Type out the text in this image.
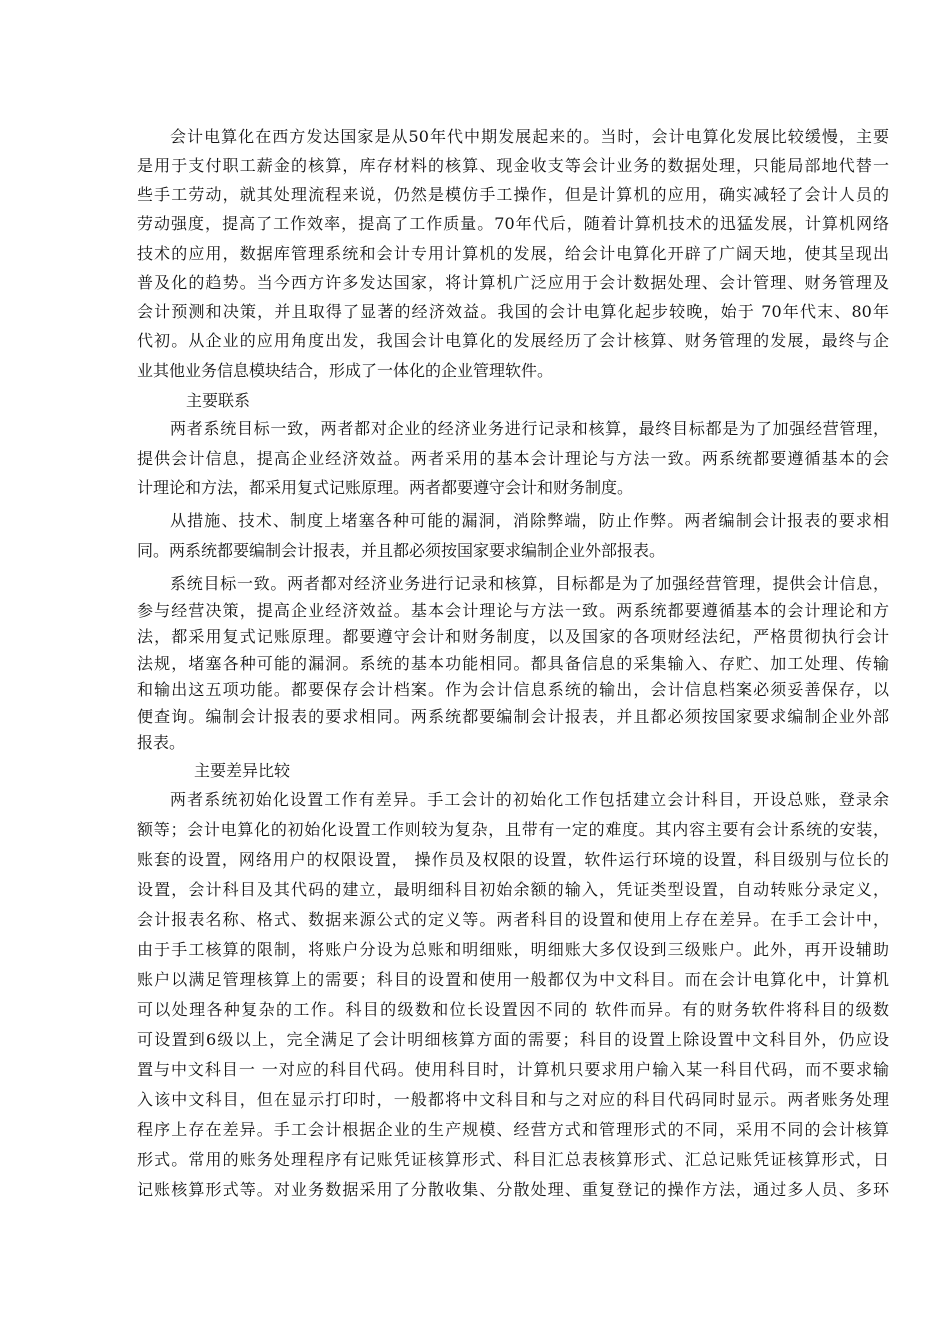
会计电算化在西方发达国家是从50年代中期发展起来的。当时，会计电算化发展比较缓慢，主要
是用于支付职工薪金的核算，库存材料的核算、现金收支等会计业务的数据处理，只能局部地代替一
些手工劳动，就其处理流程来说，仍然是模仿手工操作，但是计算机的应用，确实减轻了会计人员的
劳动强度，提高了工作效率，提高了工作质量。70年代后，随着计算机技术的迅猛发展，计算机网络
技术的应用，数据库管理系统和会计专用计算机的发展，给会计电算化开辟了广阔天地，使其呈现出
普及化的趋势。当今西方许多发达国家，将计算机广泛应用于会计数据处理、会计管理、财务管理及
会计预测和决策，并且取得了显著的经济效益。我国的会计电算化起步较晚，始于 70年代末、80年
代初。从企业的应用角度出发，我国会计电算化的发展经历了会计核算、财务管理的发展，最终与企
业其他业务信息模块结合，形成了一体化的企业管理软件。
主要联系
两者系统目标一致，两者都对企业的经济业务进行记录和核算，最终目标都是为了加强经营管理，
提供会计信息，提高企业经济效益。两者采用的基本会计理论与方法一致。两系统都要遵循基本的会
计理论和方法，都采用复式记账原理。两者都要遵守会计和财务制度。
从措施、技术、制度上堵塞各种可能的漏洞，消除弊端，防止作弊。两者编制会计报表的要求相
同。两系统都要编制会计报表，并且都必须按国家要求编制企业外部报表。
系统目标一致。两者都对经济业务进行记录和核算，目标都是为了加强经营管理，提供会计信息，
参与经营决策，提高企业经济效益。基本会计理论与方法一致。两系统都要遵循基本的会计理论和方
法，都采用复式记账原理。都要遵守会计和财务制度，以及国家的各项财经法纪，严格贯彻执行会计
法规，堵塞各种可能的漏洞。系统的基本功能相同。都具备信息的采集输入、存贮、加工处理、传输
和输出这五项功能。都要保存会计档案。作为会计信息系统的输出，会计信息档案必须妥善保存，以
便查询。编制会计报表的要求相同。两系统都要编制会计报表，并且都必须按国家要求编制企业外部
报表。
主要差异比较
两者系统初始化设置工作有差异。手工会计的初始化工作包括建立会计科目，开设总账，登录余
额等；会计电算化的初始化设置工作则较为复杂，且带有一定的难度。其内容主要有会计系统的安装，
账套的设置，网络用户的权限设置， 操作员及权限的设置，软件运行环境的设置，科目级别与位长的
设置，会计科目及其代码的建立，最明细科目初始余额的输入，凭证类型设置，自动转账分录定义，
会计报表名称、格式、数据来源公式的定义等。两者科目的设置和使用上存在差异。在手工会计中，
由于手工核算的限制，将账户分设为总账和明细账，明细账大多仅设到三级账户。此外，再开设辅助
账户以满足管理核算上的需要；科目的设置和使用一般都仅为中文科目。而在会计电算化中，计算机
可以处理各种复杂的工作。科目的级数和位长设置因不同的 软件而异。有的财务软件将科目的级数
可设置到6级以上，完全满足了会计明细核算方面的需要；科目的设置上除设置中文科目外，仍应设
置与中文科目一 一对应的科目代码。使用科目时，计算机只要求用户输入某一科目代码，而不要求输
入该中文科目，但在显示打印时，一般都将中文科目和与之对应的科目代码同时显示。两者账务处理
程序上存在差异。手工会计根据企业的生产规模、经营方式和管理形式的不同，采用不同的会计核算
形式。常用的账务处理程序有记账凭证核算形式、科目汇总表核算形式、汇总记账凭证核算形式，日
记账核算形式等。对业务数据采用了分散收集、分散处理、重复登记的操作方法，通过多人员、多环
